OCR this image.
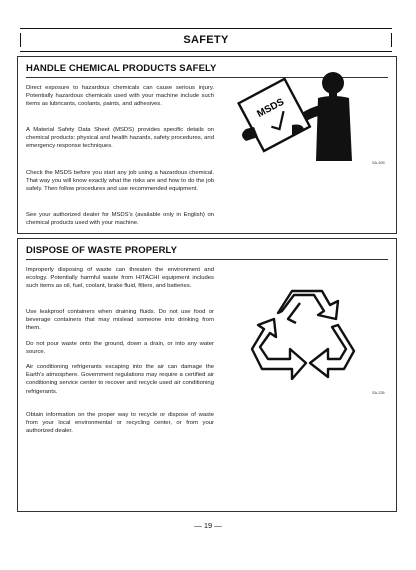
SAFETY
HANDLE CHEMICAL PRODUCTS SAFELY

Direct exposure to hazardous chemicals can cause serious injury. Potentially hazardous chemicals used with your machine include such items as lubricants, coolants, paints, and adhesives.

A Material Safety Data Sheet (MSDS) provides specific details on chemical products: physical and health hazards, safety procedures, and emergency response techniques.

Check the MSDS before you start any job using a hazardous chemical. That way you will know exactly what the risks are and how to do the job safely. Then follow procedures and use recommended equipment.

See your authorized dealer for MSDS's (available only in English) on chemical products used with your machine.

MSDS
SA-309
DISPOSE OF WASTE PROPERLY

Improperly disposing of waste can threaten the environment and ecology. Potentially harmful waste from HITACHI equipment includes such items as oil, fuel, coolant, brake fluid, filters, and batteries.

Use leakproof containers when draining fluids. Do not use food or beverage containers that may mislead someone into drinking from them.

Do not pour waste onto the ground, down a drain, or into any water source.

Air conditioning refrigerants escaping into the air can damage the Earth's atmosphere. Government regulations may require a certified air conditioning service center to recover and recycle used air conditioning refrigerants.

Obtain information on the proper way to recycle or dispose of waste from your local environmental or recycling center, or from your authorized dealer.

SA-226
— 19 —
